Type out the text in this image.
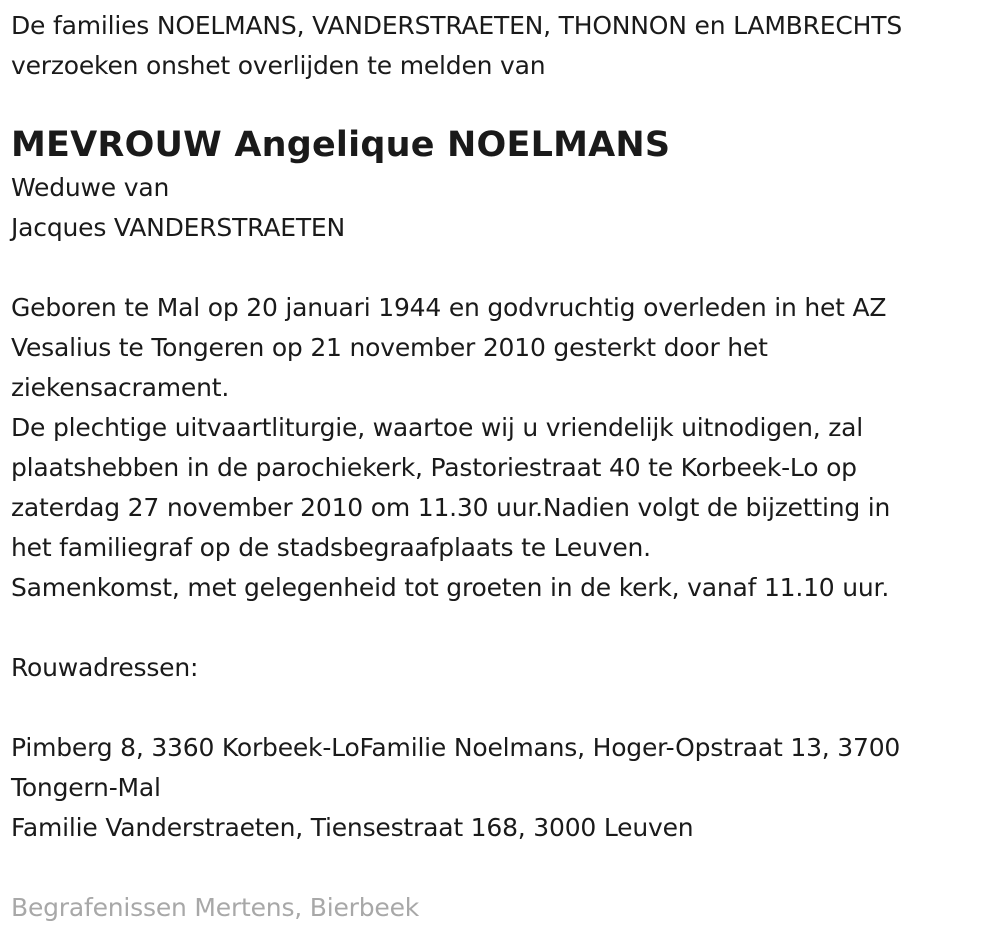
De families NOELMANS, VANDERSTRAETEN, THONNON en LAMBRECHTS
verzoeken onshet overlijden te melden van
MEVROUW Angelique NOELMANS
Weduwe van
Jacques VANDERSTRAETEN
Geboren te Mal op 20 januari 1944 en godvruchtig overleden in het AZ
Vesalius te Tongeren op 21 november 2010 gesterkt door het
ziekensacrament.
De plechtige uitvaartliturgie, waartoe wij u vriendelijk uitnodigen, zal
plaatshebben in de parochiekerk, Pastoriestraat 40 te Korbeek-Lo op
zaterdag 27 november 2010 om 11.30 uur.Nadien volgt de bijzetting in
het familiegraf op de stadsbegraafplaats te Leuven.
Samenkomst, met gelegenheid tot groeten in de kerk, vanaf 11.10 uur.
Rouwadressen:
Pimberg 8, 3360 Korbeek-LoFamilie Noelmans, Hoger-Opstraat 13, 3700
Tongern-Mal
Familie Vanderstraeten, Tiensestraat 168, 3000 Leuven
Begrafenissen Mertens, Bierbeek
